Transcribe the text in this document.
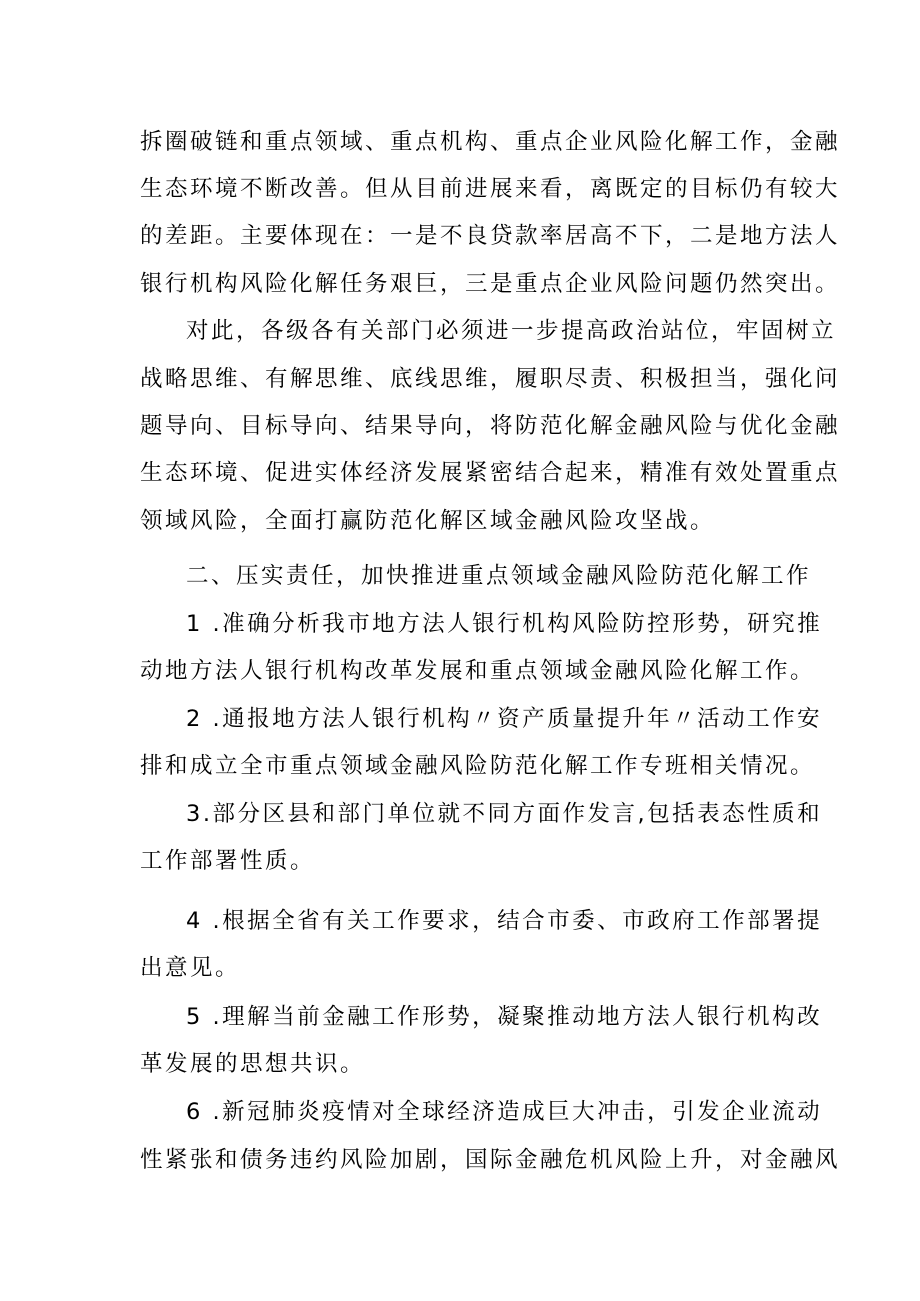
拆圈破链和重点领域、重点机构、重点企业风险化解工作，金融
生态环境不断改善。但从目前进展来看，离既定的目标仍有较大
的差距。主要体现在：一是不良贷款率居高不下，二是地方法人
银行机构风险化解任务艰巨，三是重点企业风险问题仍然突出。
对此，各级各有关部门必须进一步提高政治站位，牢固树立
战略思维、有解思维、底线思维，履职尽责、积极担当，强化问
题导向、目标导向、结果导向，将防范化解金融风险与优化金融
生态环境、促进实体经济发展紧密结合起来，精准有效处置重点
领域风险，全面打赢防范化解区域金融风险攻坚战。
二、压实责任，加快推进重点领域金融风险防范化解工作
1 .准确分析我市地方法人银行机构风险防控形势，研究推
动地方法人银行机构改革发展和重点领域金融风险化解工作。
2 .通报地方法人银行机构〃资产质量提升年〃活动工作安
排和成立全市重点领域金融风险防范化解工作专班相关情况。
3.部分区县和部门单位就不同方面作发言,包括表态性质和
工作部署性质。
4 .根据全省有关工作要求，结合市委、市政府工作部署提
出意见。
5 .理解当前金融工作形势，凝聚推动地方法人银行机构改
革发展的思想共识。
6 .新冠肺炎疫情对全球经济造成巨大冲击，引发企业流动
性紧张和债务违约风险加剧，国际金融危机风险上升，对金融风
